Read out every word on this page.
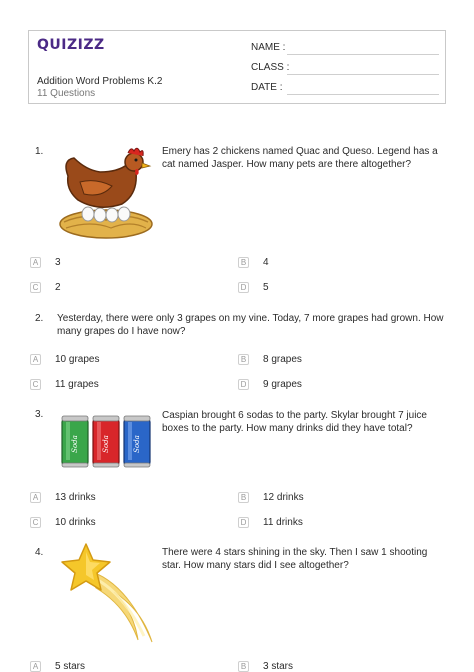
QUIZIZZ
Addition Word Problems K.2
11 Questions
NAME :
CLASS :
DATE :
1.	Emery has 2 chickens named Quac and Queso. Legend has a cat named Jasper. How many pets are there altogether?
A 3	B 4
C 2	D 5
2. Yesterday, there were only 3 grapes on my vine. Today, 7 more grapes had grown. How many grapes do I have now?
A 10 grapes	B 8 grapes
C 11 grapes	D 9 grapes
3.
Soda	Soda	Soda
Caspian brought 6 sodas to the party. Skylar brought 7 juice boxes to the party. How many drinks did they have total?
A 13 drinks	B 12 drinks
C 10 drinks	D 11 drinks
4.	There were 4 stars shining in the sky. Then I saw 1 shooting star. How many stars did I see altogether?
A 5 stars	B 3 stars
